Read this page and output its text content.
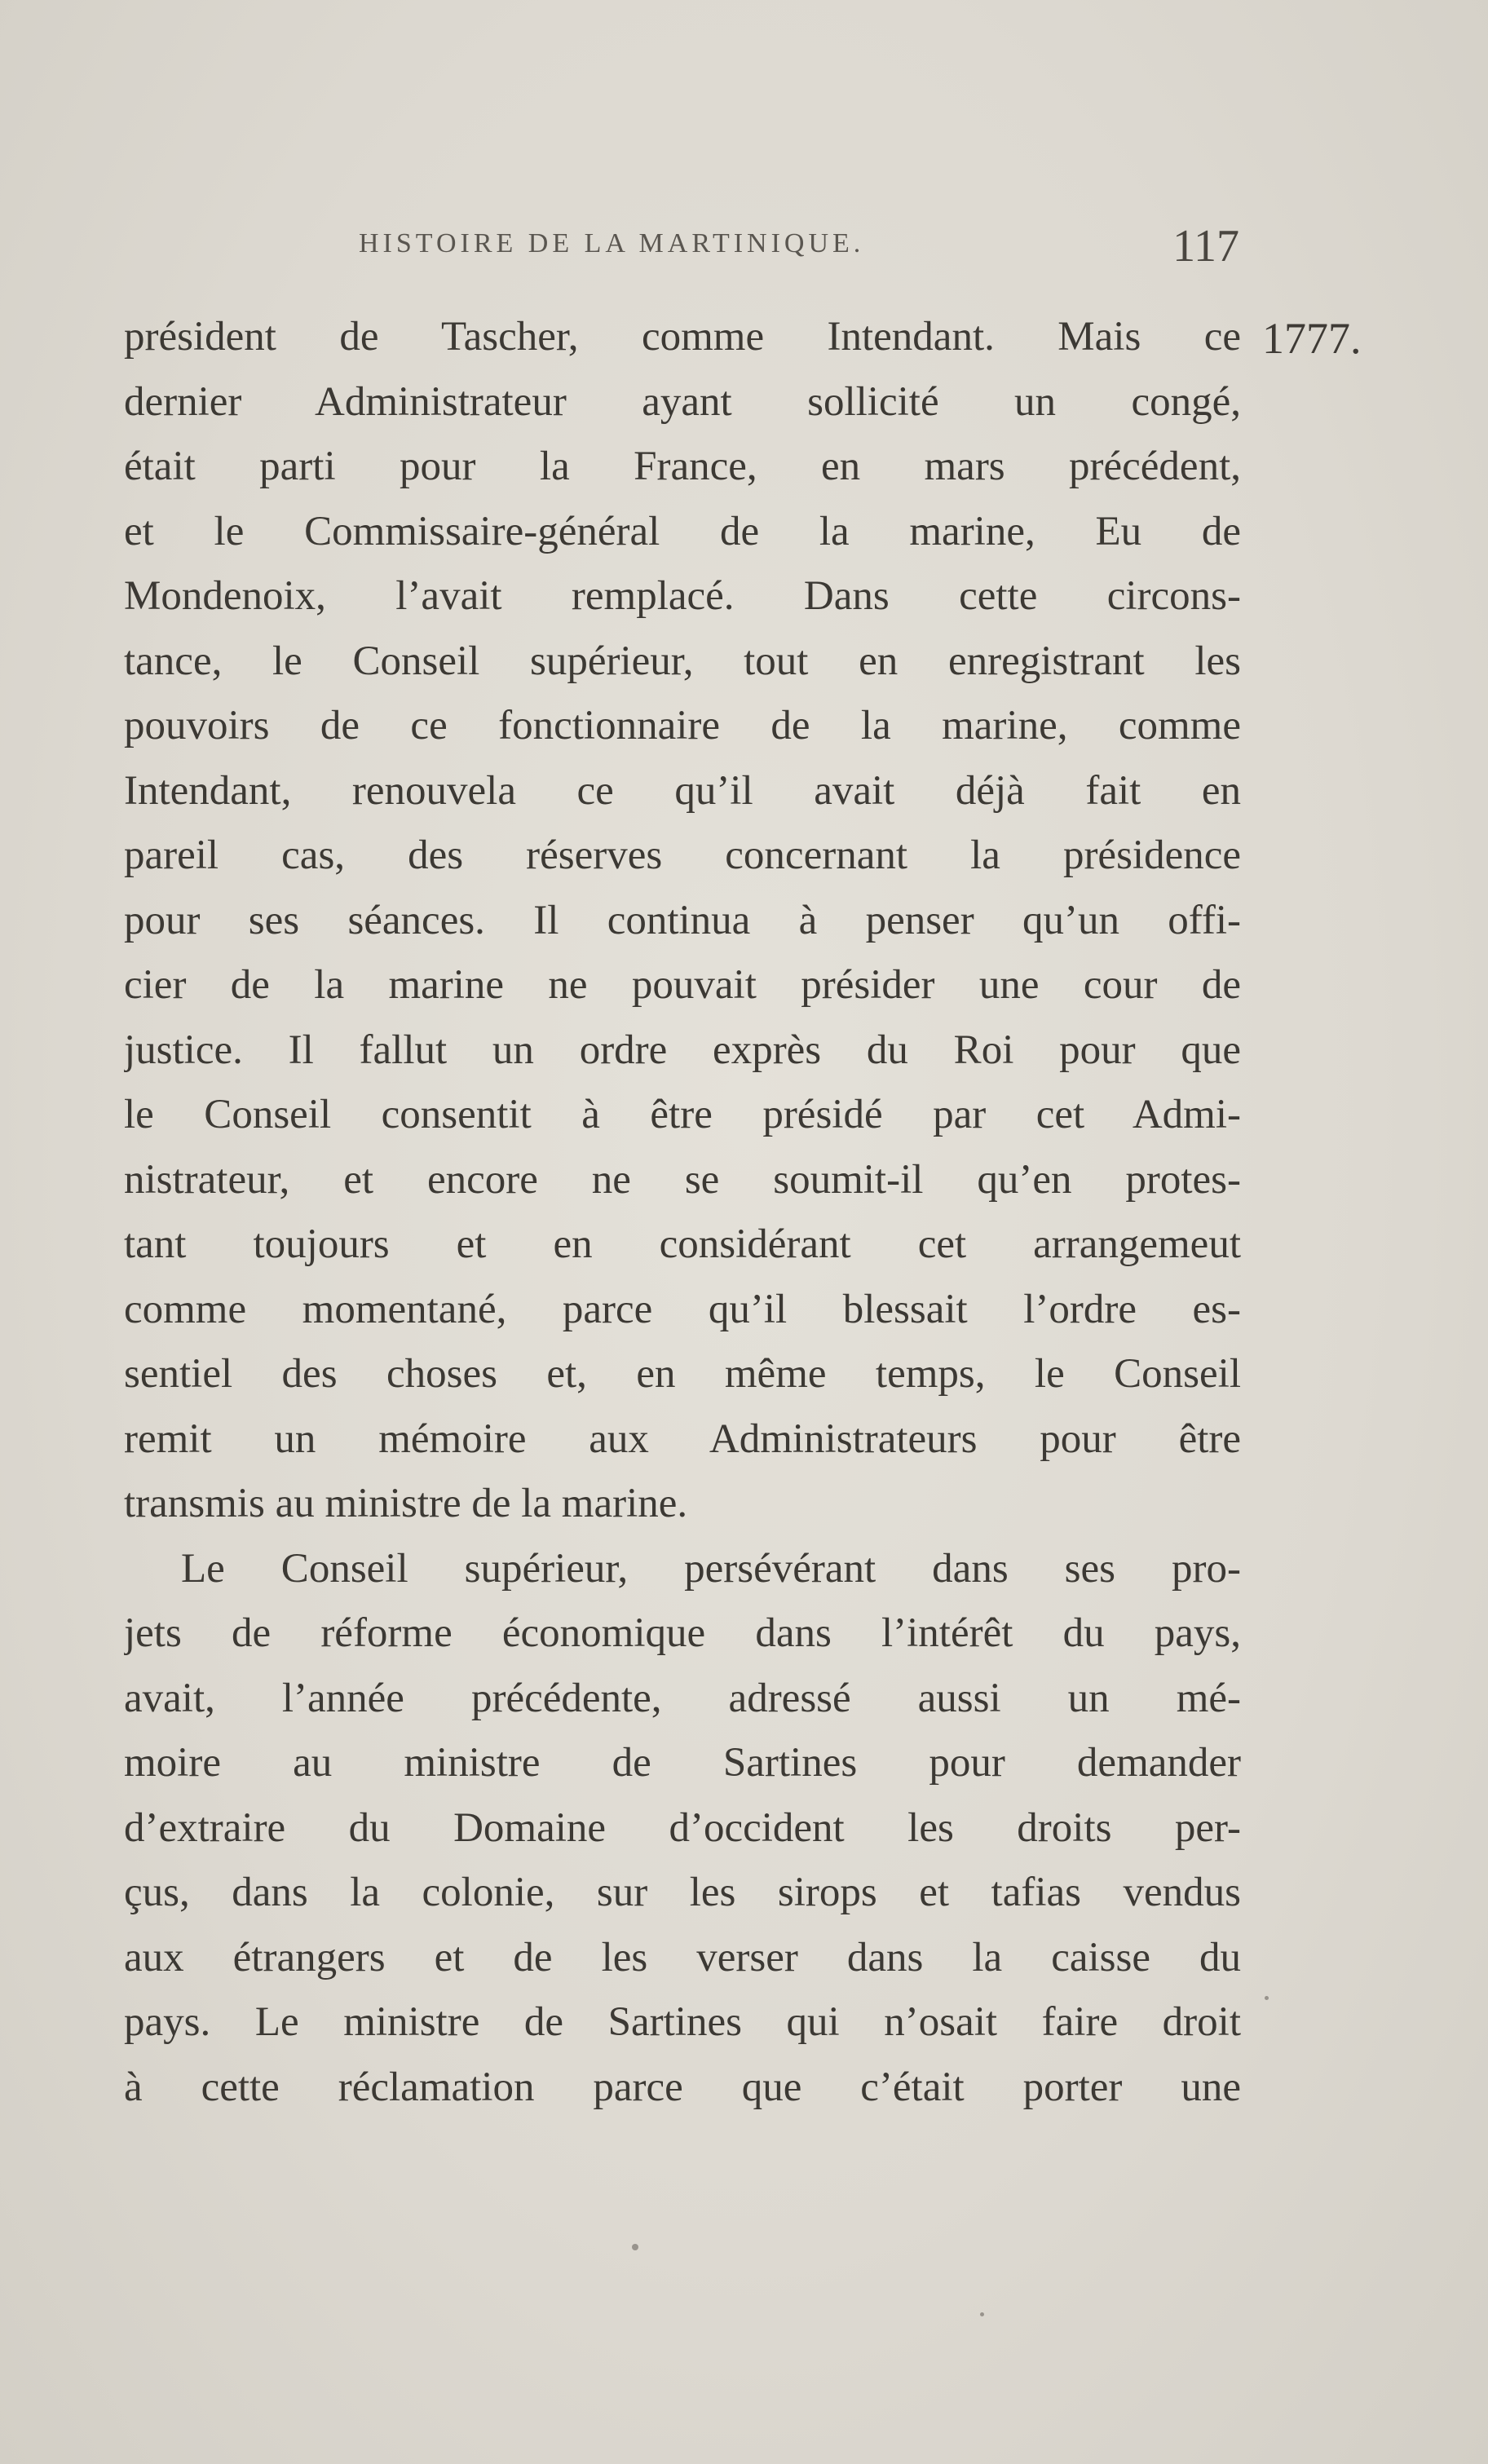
HISTOIRE DE LA MARTINIQUE.	117
1777.
président de Tascher, comme Intendant. Mais ce
dernier Administrateur ayant sollicité un congé,
était parti pour la France, en mars précédent,
et le Commissaire-général de la marine, Eu de
Mondenoix, l’avait remplacé. Dans cette circons-
tance, le Conseil supérieur, tout en enregistrant les
pouvoirs de ce fonctionnaire de la marine, comme
Intendant, renouvela ce qu’il avait déjà fait en
pareil cas, des réserves concernant la présidence
pour ses séances. Il continua à penser qu’un offi-
cier de la marine ne pouvait présider une cour de
justice. Il fallut un ordre exprès du Roi pour que
le Conseil consentit à être présidé par cet Admi-
nistrateur, et encore ne se soumit-il qu’en protes-
tant toujours et en considérant cet arrangemeut
comme momentané, parce qu’il blessait l’ordre es-
sentiel des choses et, en même temps, le Conseil
remit un mémoire aux Administrateurs pour être
transmis au ministre de la marine.
Le Conseil supérieur, persévérant dans ses pro-
jets de réforme économique dans l’intérêt du pays,
avait, l’année précédente, adressé aussi un mé-
moire au ministre de Sartines pour demander
d’extraire du Domaine d’occident les droits per-
çus, dans la colonie, sur les sirops et tafias vendus
aux étrangers et de les verser dans la caisse du
pays. Le ministre de Sartines qui n’osait faire droit
à cette réclamation parce que c’était porter une
